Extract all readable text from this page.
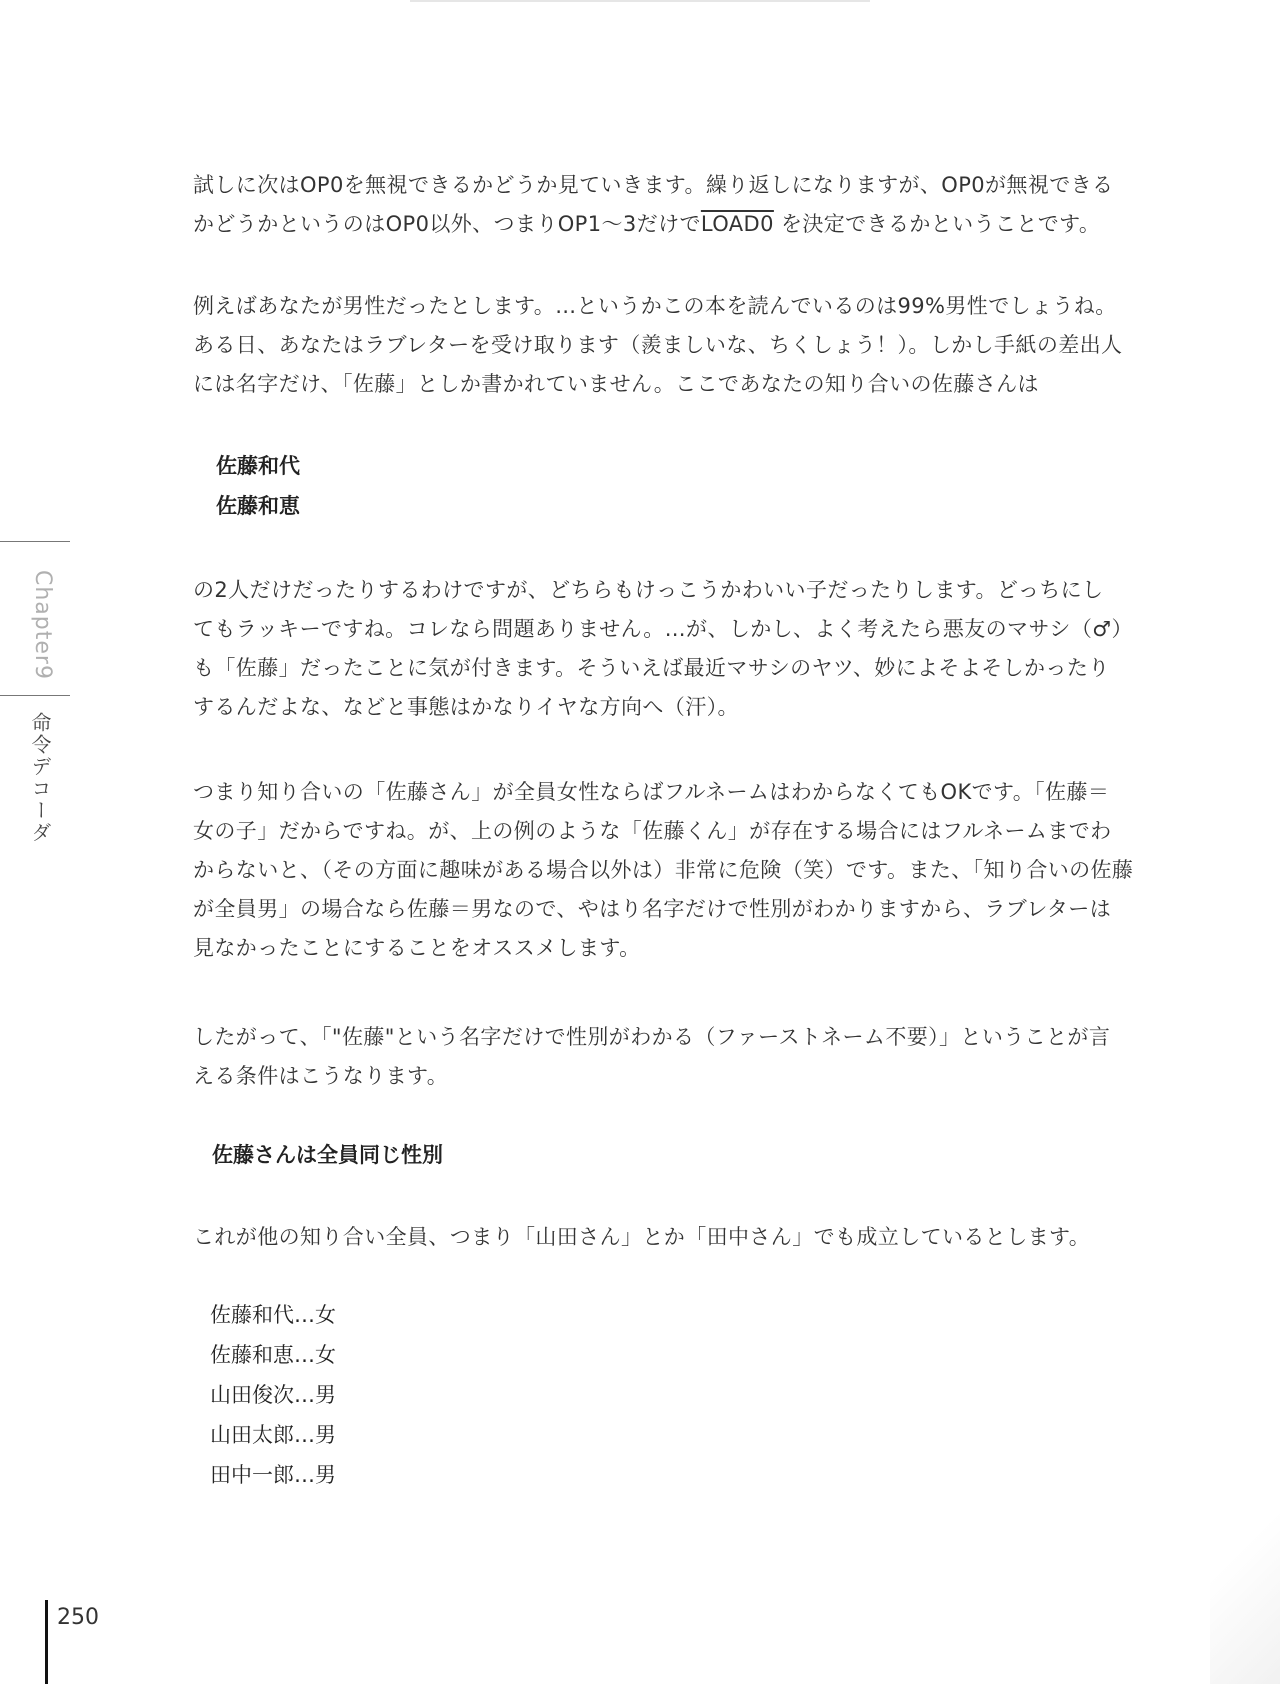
試しに次はOP0を無視できるかどうか見ていきます。繰り返しになりますが、OP0が無視できる
かどうかというのはOP0以外、つまりOP1～3だけでLOAD0 を決定できるかということです。

例えばあなたが男性だったとします。…というかこの本を読んでいるのは99%男性でしょうね。
ある日、あなたはラブレターを受け取ります（羨ましいな、ちくしょう！）。しかし手紙の差出人
には名字だけ、「佐藤」としか書かれていません。ここであなたの知り合いの佐藤さんは

佐藤和代
佐藤和恵

の2人だけだったりするわけですが、どちらもけっこうかわいい子だったりします。どっちにし
てもラッキーですね。コレなら問題ありません。…が、しかし、よく考えたら悪友のマサシ（♂）
も「佐藤」だったことに気が付きます。そういえば最近マサシのヤツ、妙によそよそしかったり
するんだよな、などと事態はかなりイヤな方向へ（汗）。

つまり知り合いの「佐藤さん」が全員女性ならばフルネームはわからなくてもOKです。「佐藤＝
女の子」だからですね。が、上の例のような「佐藤くん」が存在する場合にはフルネームまでわ
からないと、（その方面に趣味がある場合以外は）非常に危険（笑）です。また、「知り合いの佐藤
が全員男」の場合なら佐藤＝男なので、やはり名字だけで性別がわかりますから、ラブレターは
見なかったことにすることをオススメします。

したがって、「"佐藤"という名字だけで性別がわかる（ファーストネーム不要）」ということが言
える条件はこうなります。

佐藤さんは全員同じ性別

これが他の知り合い全員、つまり「山田さん」とか「田中さん」でも成立しているとします。

佐藤和代…女
佐藤和恵…女
山田俊次…男
山田太郎…男
田中一郎…男
Chapter9
命令デコーダ
250
